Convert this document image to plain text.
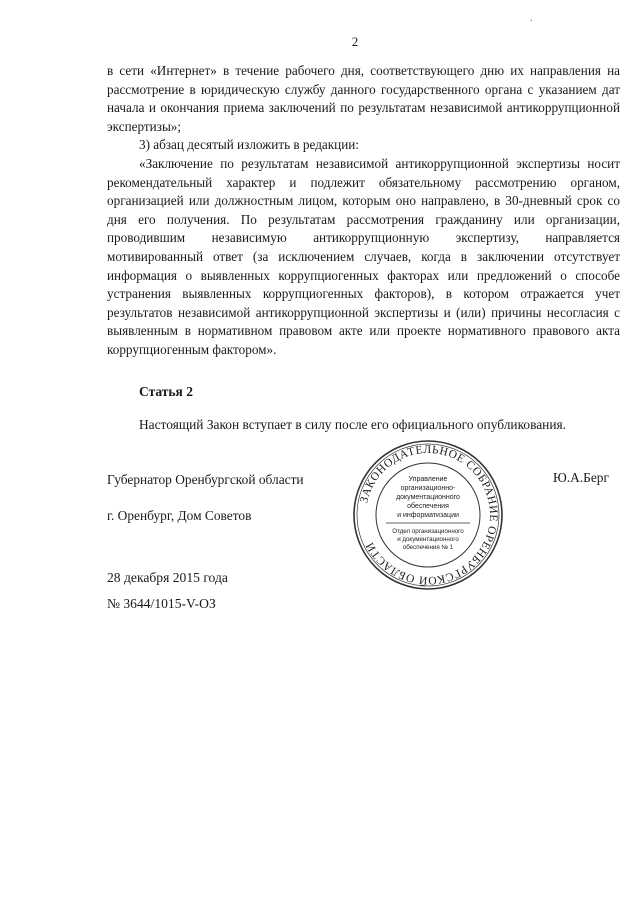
.
2

в сети «Интернет» в течение рабочего дня, соответствующего дню их направления на рассмотрение в юридическую службу данного государственного органа с указанием дат начала и окончания приема заключений по результатам независимой антикоррупционной экспертизы»;

3) абзац десятый изложить в редакции:

«Заключение по результатам независимой антикоррупционной экспертизы носит рекомендательный характер и подлежит обязательному рассмотрению органом, организацией или должностным лицом, которым оно направлено, в 30-дневный срок со дня его получения. По результатам рассмотрения гражданину или организации, проводившим независимую антикоррупционную экспертизу, направляется мотивированный ответ (за исключением случаев, когда в заключении отсутствует информация о выявленных коррупциогенных факторах или предложений о способе устранения выявленных коррупциогенных факторов), в котором отражается учет результатов независимой антикоррупционной экспертизы и (или) причины несогласия с выявленным в нормативном правовом акте или проекте нормативного правового акта коррупциогенным фактором».

Статья 2
Настоящий Закон вступает в силу после его официального опубликования.
Губернатор Оренбургской области	Ю.А.Берг
г. Оренбург, Дом Советов
28 декабря 2015 года
№ 3644/1015-V-ОЗ
ЗАКОНОДАТЕЛЬНОЕ СОБРАНИЕ ОРЕНБУРГСКОЙ ОБЛАСТИ
Управление
организационно-
документационного
обеспечения
и информатизации
Отдел организационного
и документационного
обеспечения № 1
